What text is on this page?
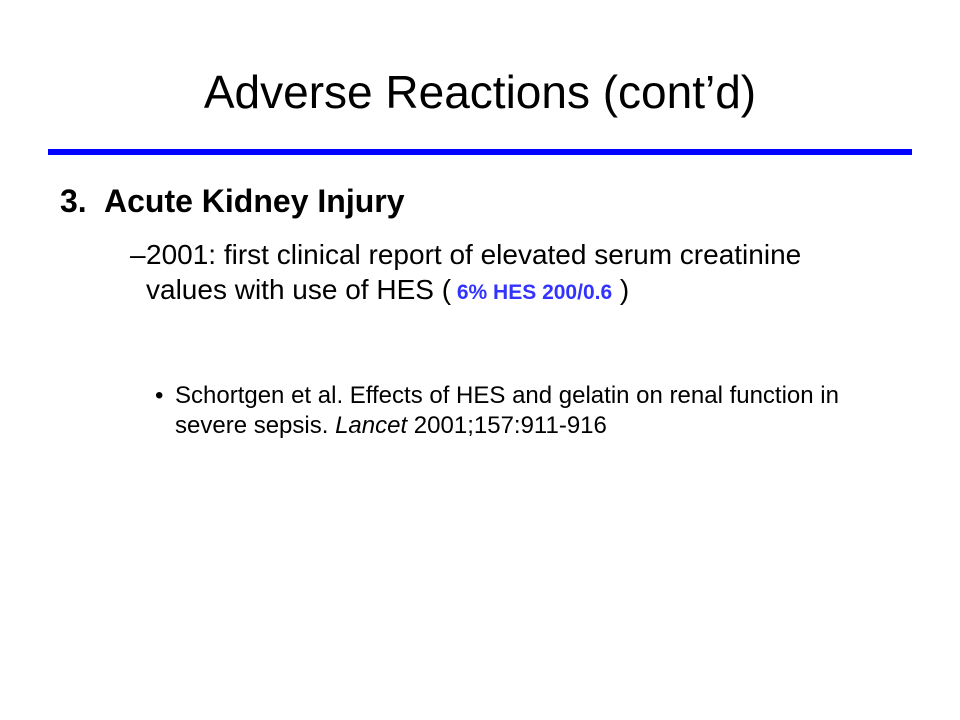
Adverse Reactions (cont’d)
3. Acute Kidney Injury
– 2001: first clinical report of elevated serum creatinine values with use of HES ( 6% HES 200/0.6 )
• Schortgen et al. Effects of HES and gelatin on renal function in severe sepsis. Lancet 2001;157:911-916
